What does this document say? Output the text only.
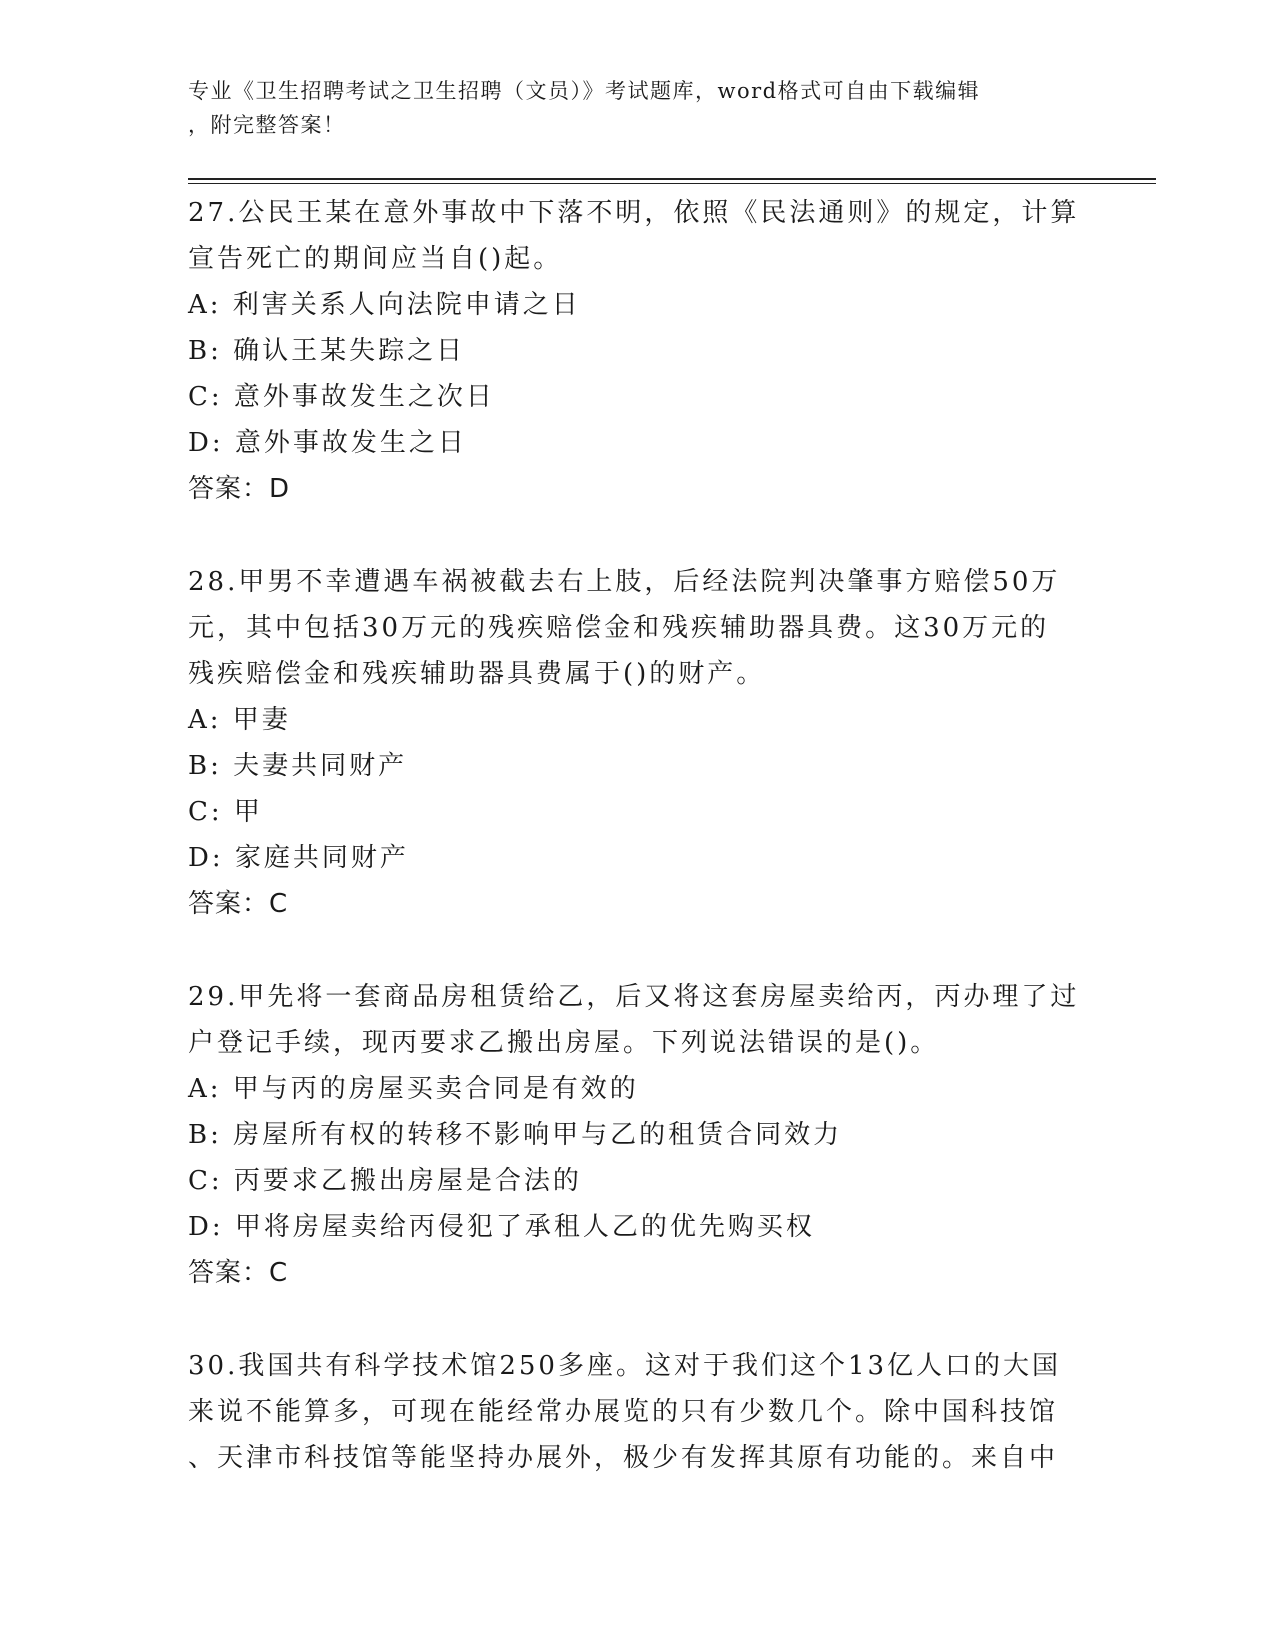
专业《卫生招聘考试之卫生招聘（文员）》考试题库，word格式可自由下载编辑
，附完整答案！
27.公民王某在意外事故中下落不明，依照《民法通则》的规定，计算
宣告死亡的期间应当自()起。
A: 利害关系人向法院申请之日
B: 确认王某失踪之日
C: 意外事故发生之次日
D: 意外事故发生之日
答案：D
28.甲男不幸遭遇车祸被截去右上肢，后经法院判决肇事方赔偿50万
元，其中包括30万元的残疾赔偿金和残疾辅助器具费。这30万元的
残疾赔偿金和残疾辅助器具费属于()的财产。
A: 甲妻
B: 夫妻共同财产
C: 甲
D: 家庭共同财产
答案：C
29.甲先将一套商品房租赁给乙，后又将这套房屋卖给丙，丙办理了过
户登记手续，现丙要求乙搬出房屋。下列说法错误的是()。
A: 甲与丙的房屋买卖合同是有效的
B: 房屋所有权的转移不影响甲与乙的租赁合同效力
C: 丙要求乙搬出房屋是合法的
D: 甲将房屋卖给丙侵犯了承租人乙的优先购买权
答案：C
30.我国共有科学技术馆250多座。这对于我们这个13亿人口的大国
来说不能算多，可现在能经常办展览的只有少数几个。除中国科技馆
、天津市科技馆等能坚持办展外，极少有发挥其原有功能的。来自中
